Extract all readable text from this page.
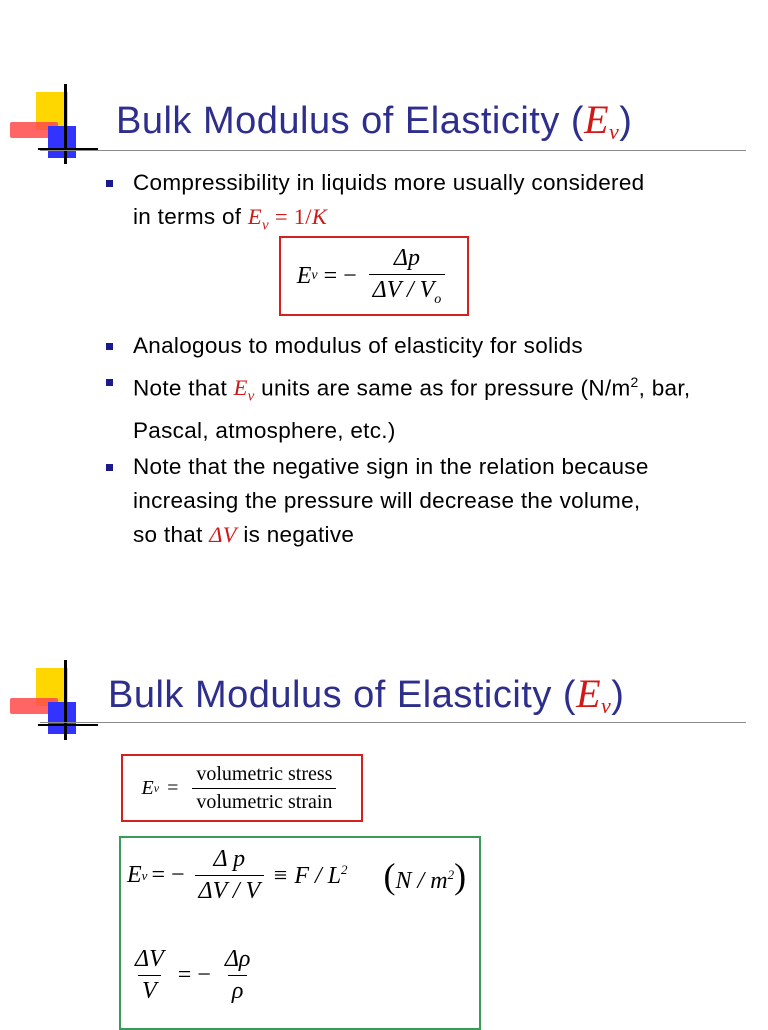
Bulk Modulus of Elasticity $(E_v)$
Compressibility in liquids more usually considered
in terms of $E_v = 1/K$
Analogous to modulus of elasticity for solids
Note that $E_v$ units are same as for pressure ($N/m^2$, bar, Pascal, atmosphere, etc.)
Note that the negative sign in the relation because
increasing the pressure will decrease the volume,
so that ΔV is negative
E v = − $\frac{\Delta p}{\Delta V / V_o}$
Bulk Modulus of Elasticity $(E_v)$
E $v = \frac{\text{volumetric stress}}{\text{volumetric strain}}$
E v = − $\frac{\text{Δ p}}{\Delta V / V} \equiv F / L^2$ $(N / m^2)$
$\frac{\Delta V}{V}$ = − $\frac{\Delta\rho}{\rho}$
